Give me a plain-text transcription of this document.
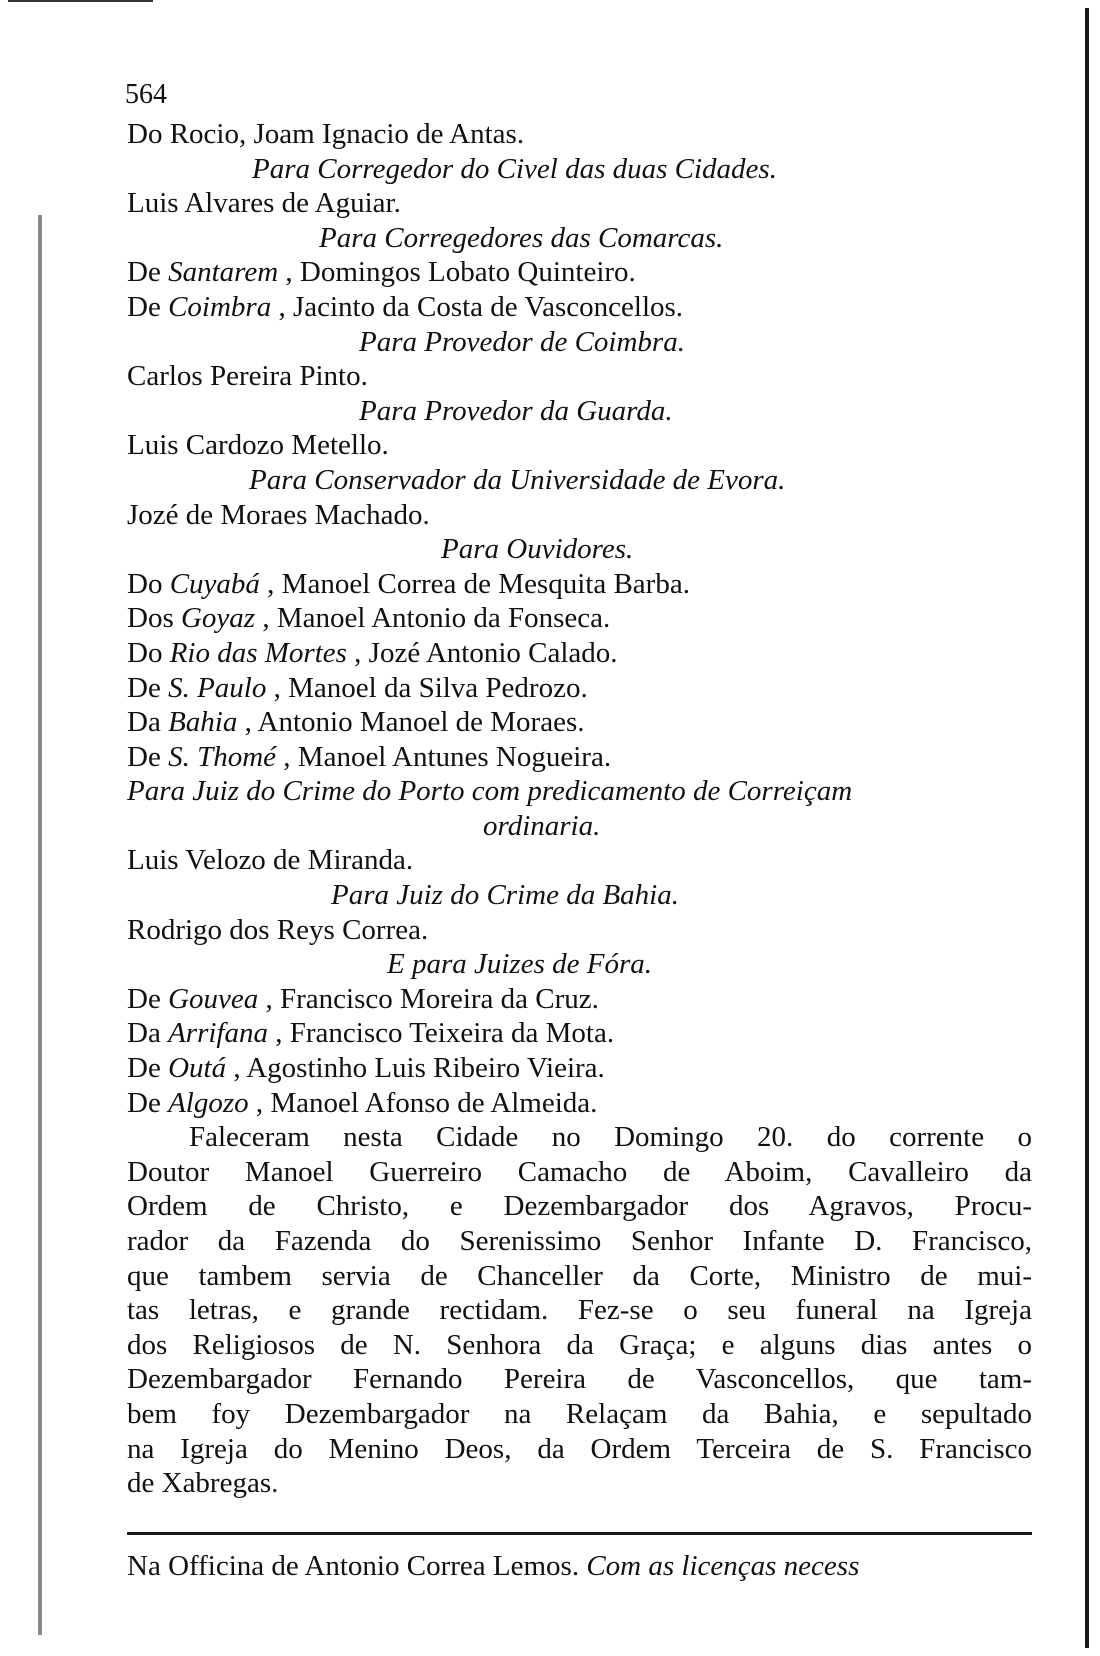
564
Do Rocio, Joam Ignacio de Antas.
Para Corregedor do Civel das duas Cidades.
Luis Alvares de Aguiar.
Para Corregedores das Comarcas.
De Santarem , Domingos Lobato Quinteiro.
De Coimbra , Jacinto da Costa de Vasconcellos.
Para Provedor de Coimbra.
Carlos Pereira Pinto.
Para Provedor da Guarda.
Luis Cardozo Metello.
Para Conservador da Universidade de Evora.
Jozé de Moraes Machado.
Para Ouvidores.
Do Cuyabá , Manoel Correa de Mesquita Barba.
Dos Goyaz , Manoel Antonio da Fonseca.
Do Rio das Mortes , Jozé Antonio Calado.
De S. Paulo , Manoel da Silva Pedrozo.
Da Bahia , Antonio Manoel de Moraes.
De S. Thomé , Manoel Antunes Nogueira.
Para Juiz do Crime do Porto com predicamento de Correiçam
ordinaria.
Luis Velozo de Miranda.
Para Juiz do Crime da Bahia.
Rodrigo dos Reys Correa.
E para Juizes de Fóra.
De Gouvea , Francisco Moreira da Cruz.
Da Arrifana , Francisco Teixeira da Mota.
De Outá , Agostinho Luis Ribeiro Vieira.
De Algozo , Manoel Afonso de Almeida.
Faleceram nesta Cidade no Domingo 20. do corrente o
Doutor Manoel Guerreiro Camacho de Aboim, Cavalleiro da
Ordem de Christo, e Dezembargador dos Agravos, Procu-
rador da Fazenda do Serenissimo Senhor Infante D. Francisco,
que tambem servia de Chanceller da Corte, Ministro de mui-
tas letras, e grande rectidam. Fez-se o seu funeral na Igreja
dos Religiosos de N. Senhora da Graça; e alguns dias antes o
Dezembargador Fernando Pereira de Vasconcellos, que tam-
bem foy Dezembargador na Relaçam da Bahia, e sepultado
na Igreja do Menino Deos, da Ordem Terceira de S. Francisco
de Xabregas.
Na Officina de Antonio Correa Lemos. Com as licenças necess
